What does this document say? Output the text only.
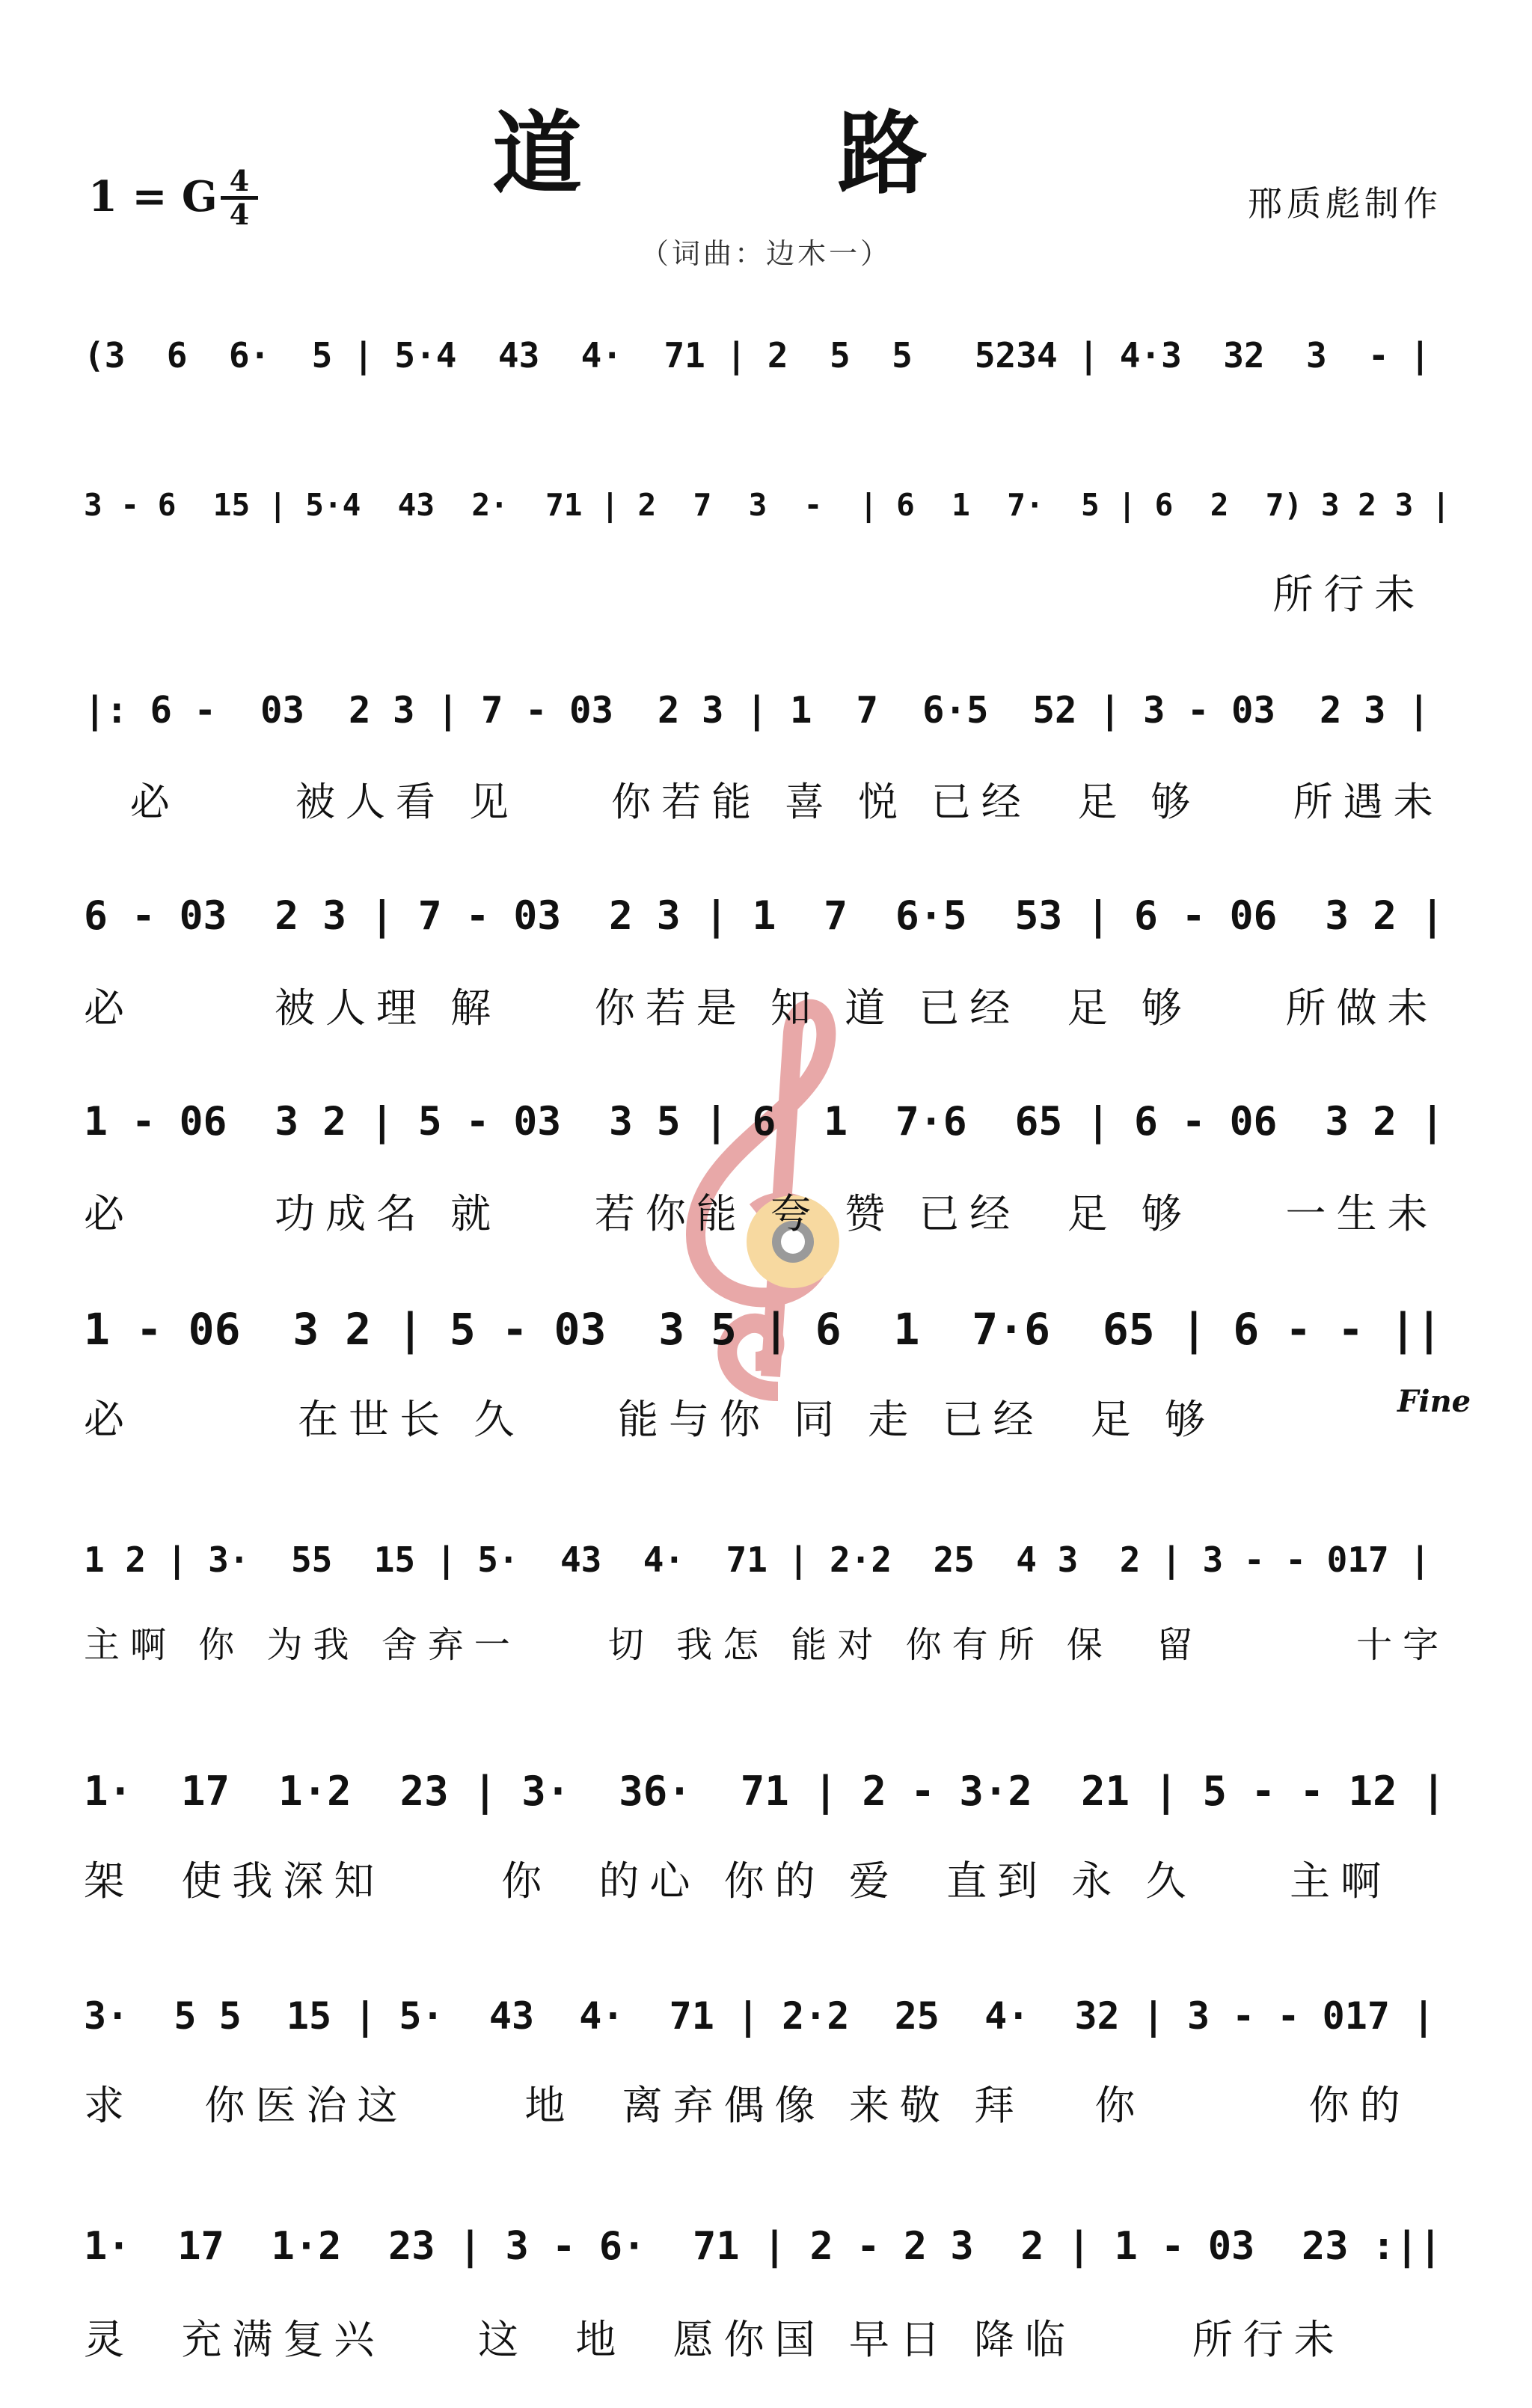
道 路
1 = G 4
4	邢质彪制作
（词曲：边木一）
(3  6  6·  5 | 5·4  43  4·  71 | 2  5  5   5234 | 4·3  32  3  - |
3 - 6  15 | 5·4  43  2·  71 | 2  7  3  -  | 6  1  7·  5 | 6  2  7) 3 2 3 |
所行未
|: 6 -  03  2 3 | 7 - 03  2 3 | 1  7  6·5  52 | 3 - 03  2 3 |
必     被人看 见    你若能 喜 悦 已经  足 够    所遇未
6 - 03  2 3 | 7 - 03  2 3 | 1  7  6·5  53 | 6 - 06  3 2 |
必      被人理 解    你若是 知 道 已经  足 够    所做未
1 - 06  3 2 | 5 - 03  3 5 | 6  1  7·6  65 | 6 - 06  3 2 |
必      功成名 就    若你能 夸 赞 已经  足 够    一生未
1 - 06  3 2 | 5 - 03  3 5 | 6  1  7·6  65 | 6 - - ||
必       在世长 久    能与你 同 走 已经  足 够	Fine
1 2 | 3·  55  15 | 5·  43  4·  71 | 2·2  25  4 3  2 | 3 - - 017 |
主啊 你 为我 舍弃一    切 我怎 能对 你有所 保  留       十字
1·  17  1·2  23 | 3·  36·  71 | 2 - 3·2  21 | 5 - - 12 |
架  使我深知     你  的心 你的 爱  直到 永 久    主啊
3·  5 5  15 | 5·  43  4·  71 | 2·2  25  4·  32 | 3 - - 017 |
求   你医治这     地  离弃偶像 来敬 拜   你       你的
1·  17  1·2  23 | 3 - 6·  71 | 2 - 2 3  2 | 1 - 03  23 :||
灵  充满复兴    这  地  愿你国 早日 降临     所行未
